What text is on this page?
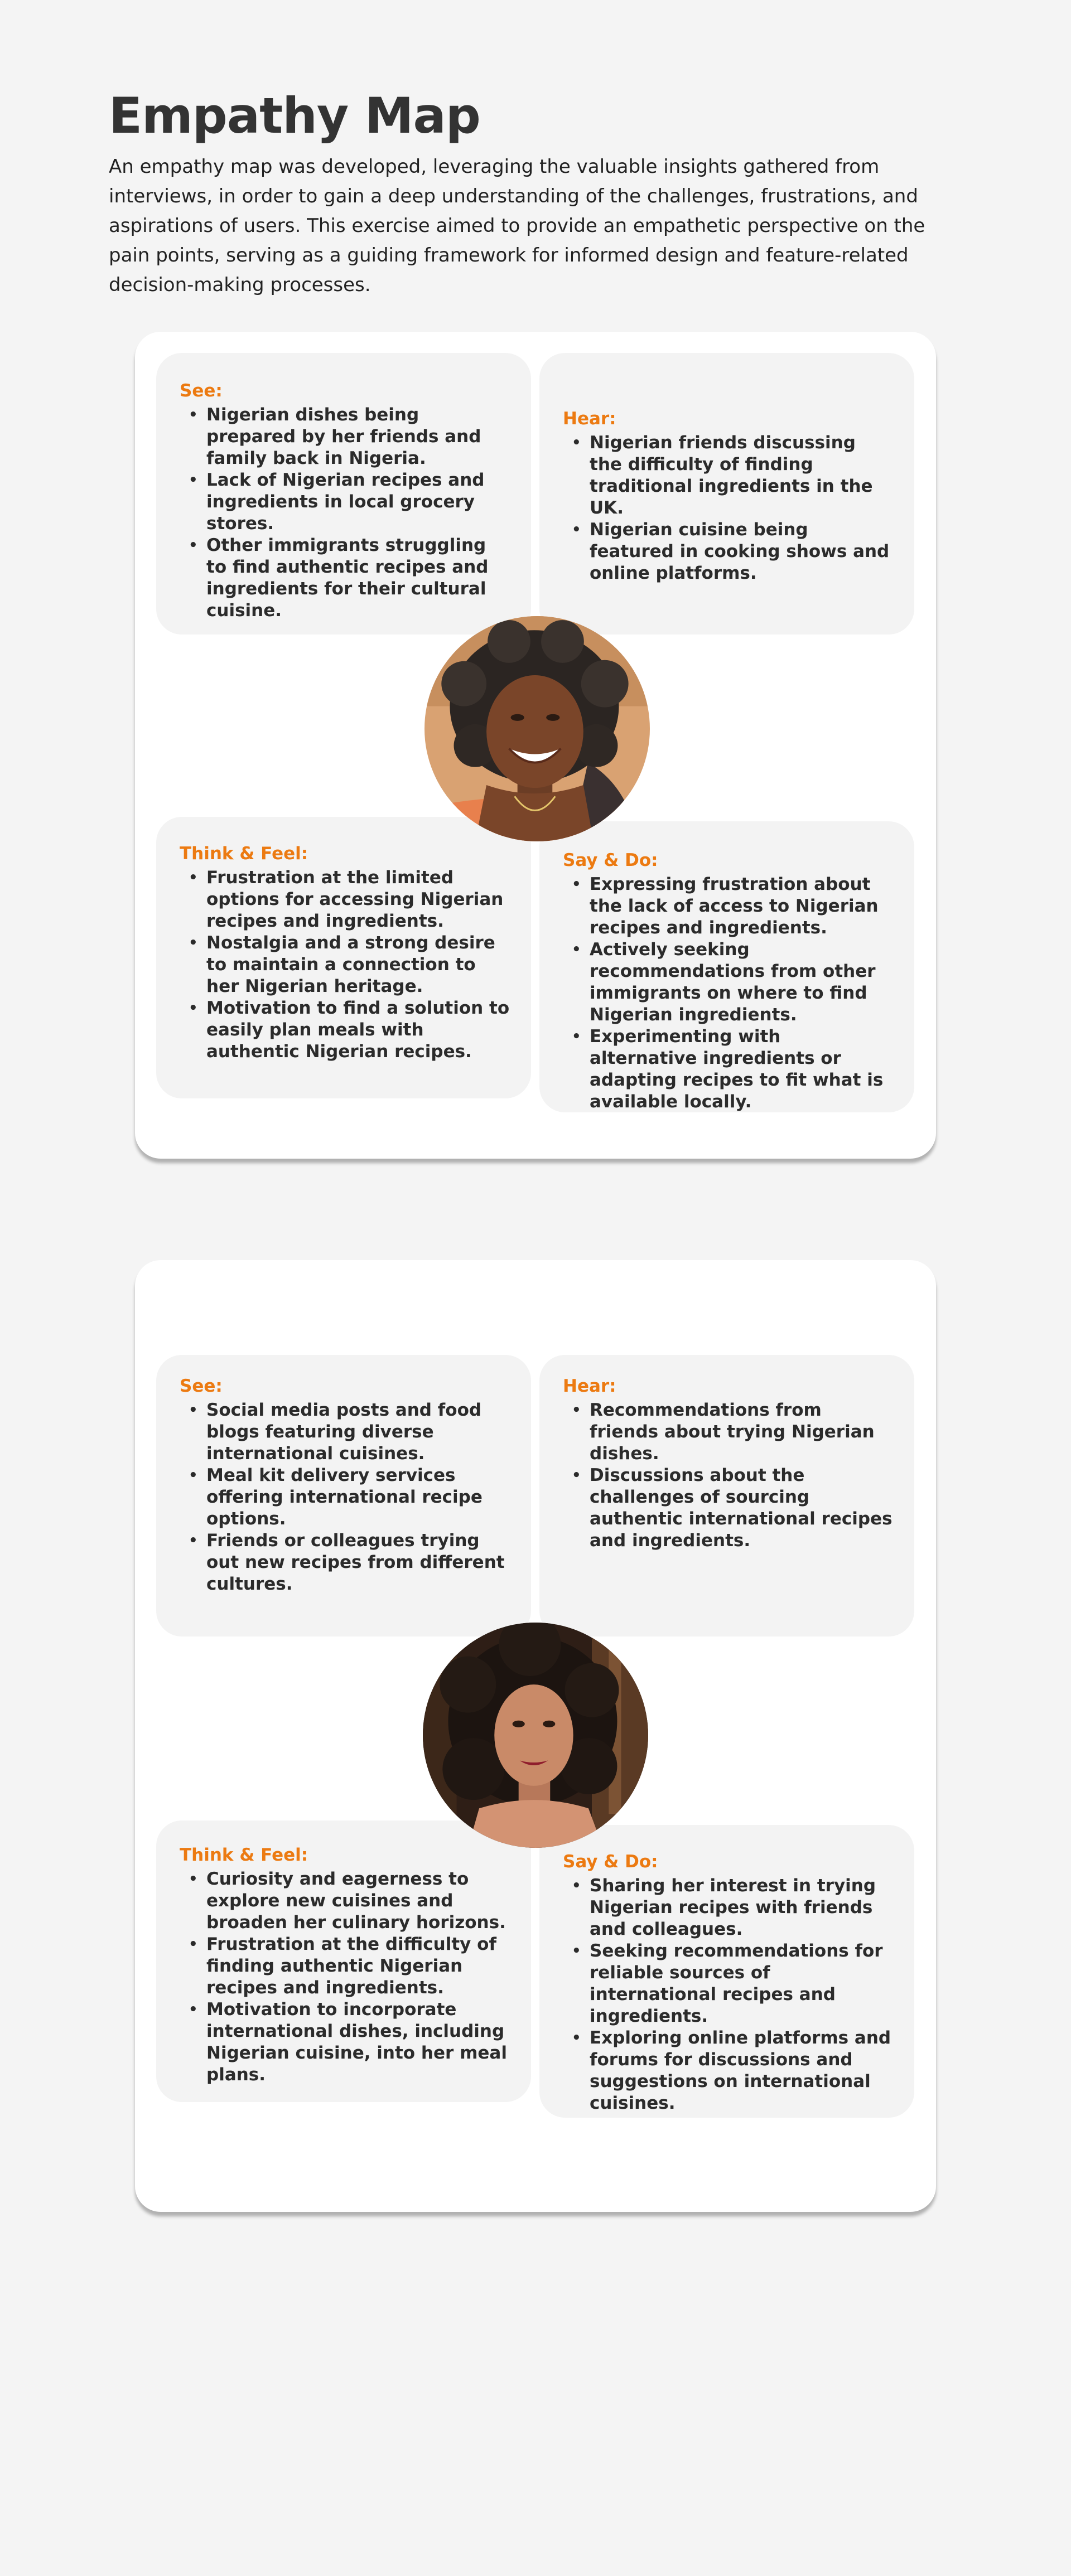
Empathy Map

An empathy map was developed, leveraging the valuable insights gathered from interviews, in order to gain a deep understanding of the challenges, frustrations, and aspirations of users. This exercise aimed to provide an empathetic perspective on the pain points, serving as a guiding framework for informed design and feature-related decision-making processes.

See:
• Nigerian dishes being prepared by her friends and family back in Nigeria.
• Lack of Nigerian recipes and ingredients in local grocery stores.
• Other immigrants struggling to find authentic recipes and ingredients for their cultural cuisine.
Hear:
• Nigerian friends discussing the difficulty of finding traditional ingredients in the UK.
• Nigerian cuisine being featured in cooking shows and online platforms.
Think & Feel:
• Frustration at the limited options for accessing Nigerian recipes and ingredients.
• Nostalgia and a strong desire to maintain a connection to her Nigerian heritage.
• Motivation to find a solution to easily plan meals with authentic Nigerian recipes.
Say & Do:
• Expressing frustration about the lack of access to Nigerian recipes and ingredients.
• Actively seeking recommendations from other immigrants on where to find Nigerian ingredients.
• Experimenting with alternative ingredients or adapting recipes to fit what is available locally.
See:
• Social media posts and food blogs featuring diverse international cuisines.
• Meal kit delivery services offering international recipe options.
• Friends or colleagues trying out new recipes from different cultures.
Hear:
• Recommendations from friends about trying Nigerian dishes.
• Discussions about the challenges of sourcing authentic international recipes and ingredients.
Think & Feel:
• Curiosity and eagerness to explore new cuisines and broaden her culinary horizons.
• Frustration at the difficulty of finding authentic Nigerian recipes and ingredients.
• Motivation to incorporate international dishes, including Nigerian cuisine, into her meal plans.
Say & Do:
• Sharing her interest in trying Nigerian recipes with friends and colleagues.
• Seeking recommendations for reliable sources of international recipes and ingredients.
• Exploring online platforms and forums for discussions and suggestions on international cuisines.
